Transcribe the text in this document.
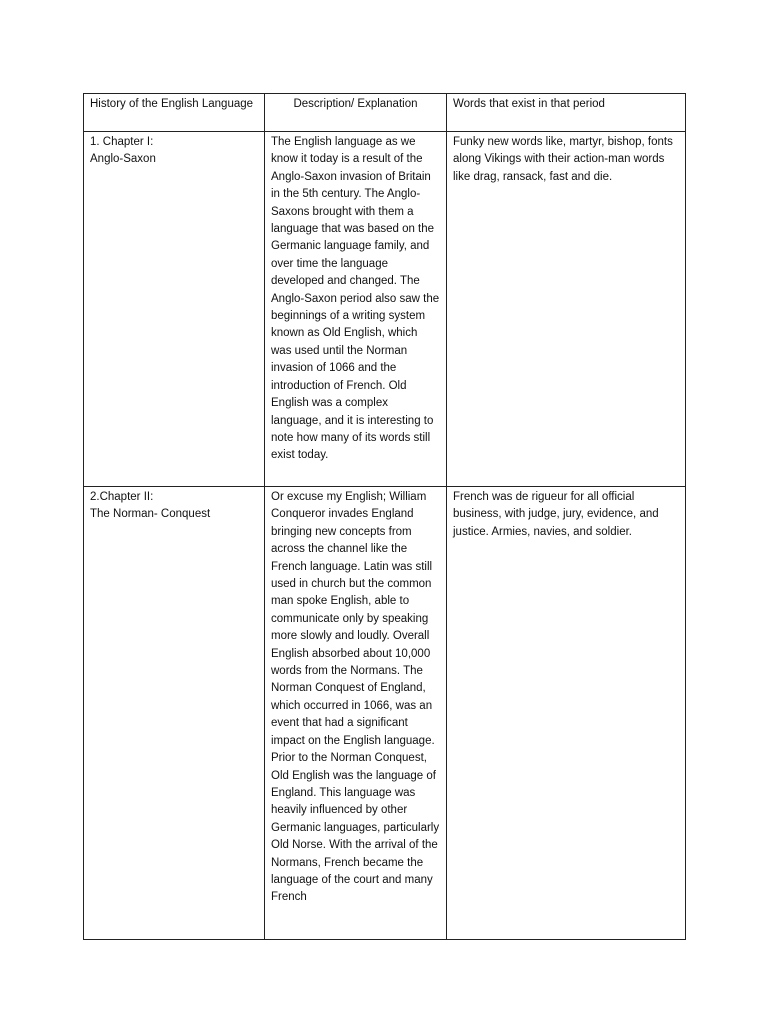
History of the English Language	Description/ Explanation	Words that exist in that period

1. Chapter I:
Anglo-Saxon	The English language as we know it today is a result of the Anglo-Saxon invasion of Britain in the 5th century. The Anglo-Saxons brought with them a language that was based on the Germanic language family, and over time the language developed and changed. The Anglo-Saxon period also saw the beginnings of a writing system known as Old English, which was used until the Norman invasion of 1066 and the introduction of French. Old English was a complex language, and it is interesting to note how many of its words still exist today.	Funky new words like, martyr, bishop, fonts along Vikings with their action-man words like drag, ransack, fast and die.

2.Chapter II:
The Norman- Conquest	Or excuse my English; William Conqueror invades England bringing new concepts from across the channel like the French language. Latin was still used in church but the common man spoke English, able to communicate only by speaking more slowly and loudly. Overall English absorbed about 10,000 words from the Normans. The Norman Conquest of England, which occurred in 1066, was an event that had a significant impact on the English language. Prior to the Norman Conquest, Old English was the language of England. This language was heavily influenced by other Germanic languages, particularly Old Norse. With the arrival of the Normans, French became the language of the court and many French	French was de rigueur for all official business, with judge, jury, evidence, and justice. Armies, navies, and soldier.
